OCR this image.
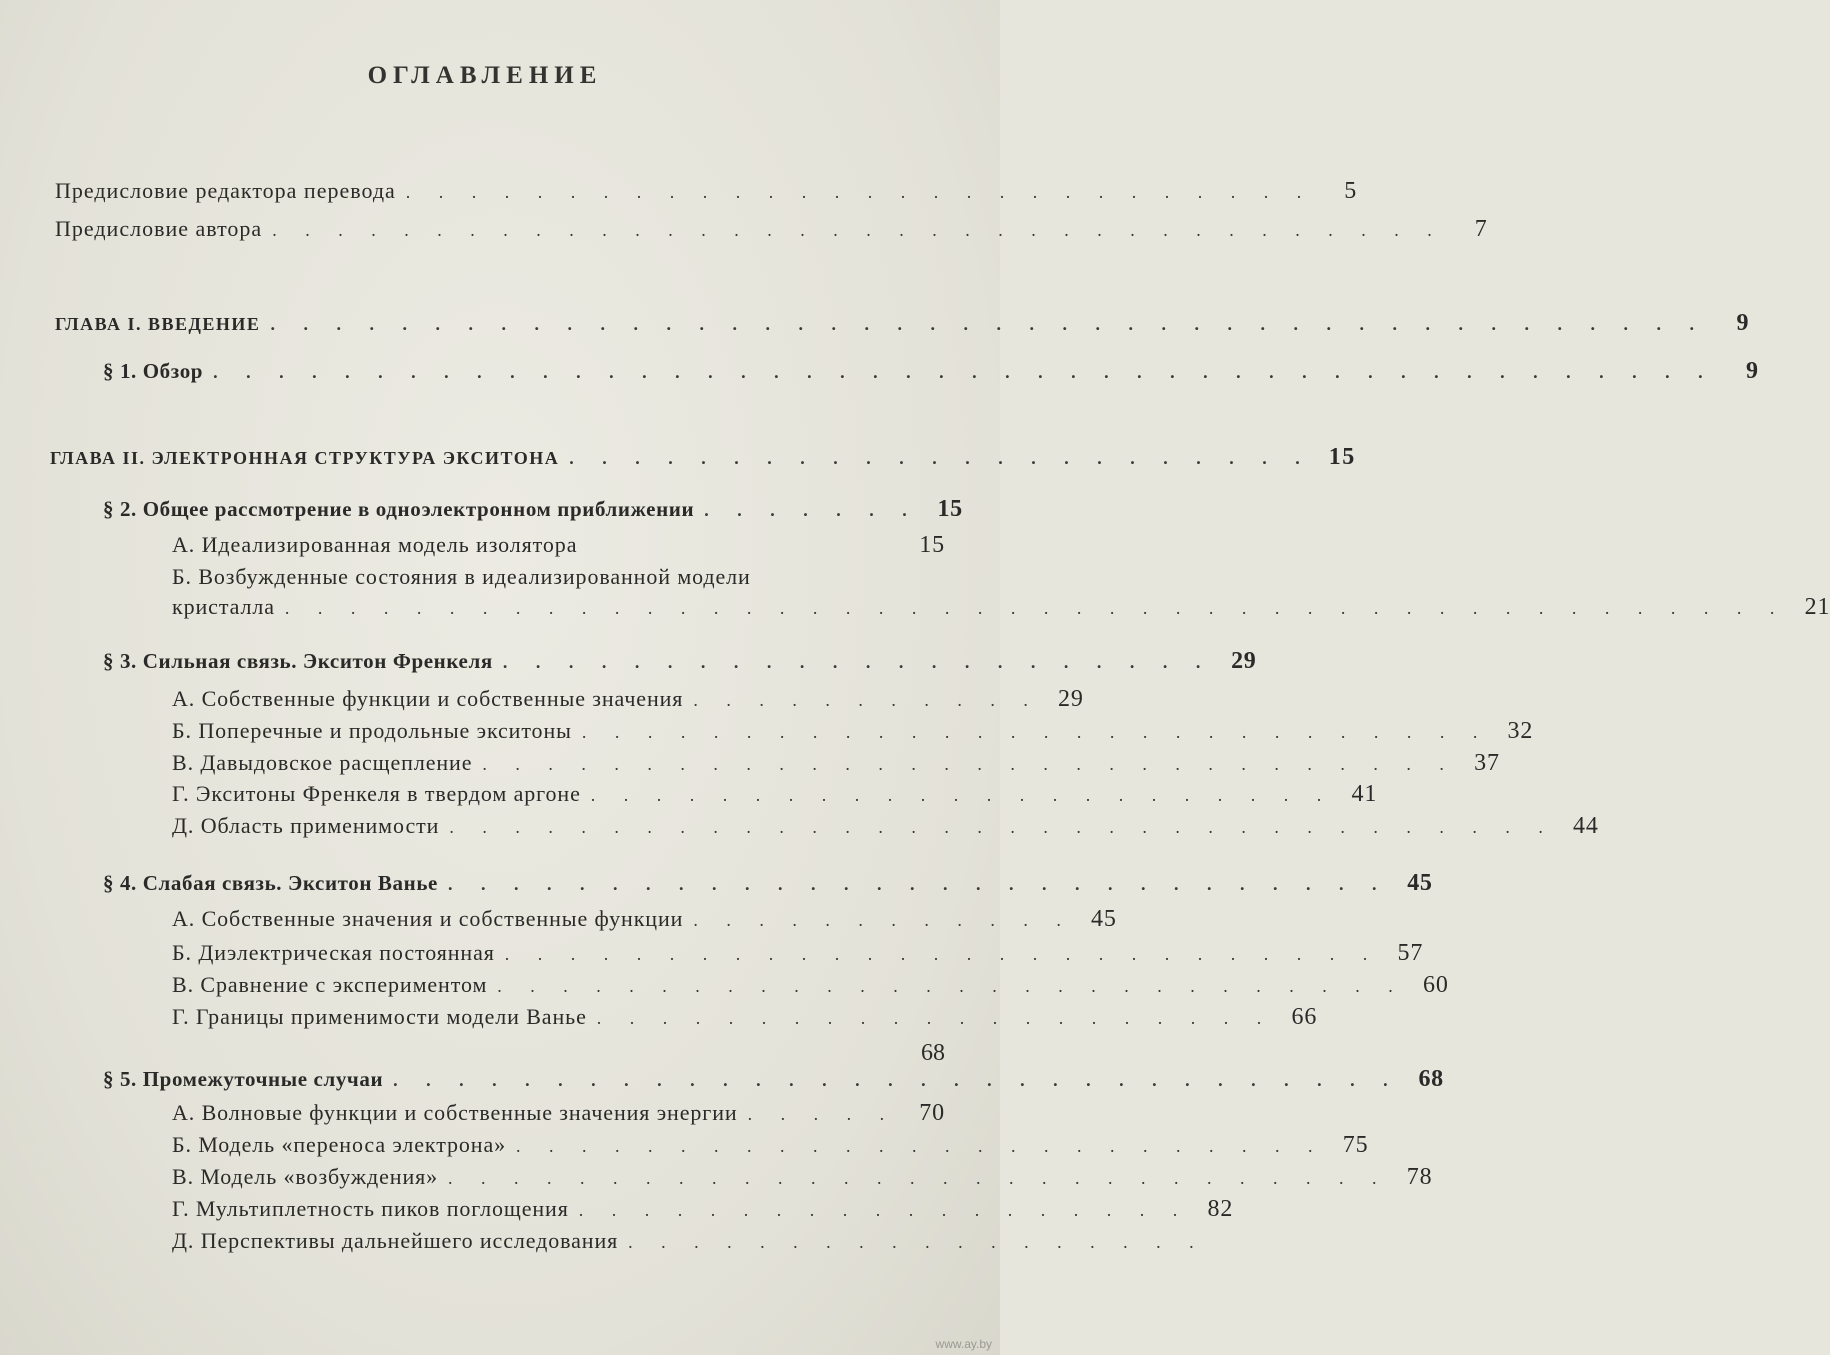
ОГЛАВЛЕНИЕ
Предисловие редактора перевода . . . . . . . . . . . . . . . . . . . . . . . . . . . .	5
Предисловие автора . . . . . . . . . . . . . . . . . . . . . . . . . . . . . . . . . . . .	7
ГЛАВА I. ВВЕДЕНИЕ . . . . . . . . . . . . . . . . . . . . . . . . . . . . . . . . . . . . . . . . . . . .	9
§ 1. Обзор . . . . . . . . . . . . . . . . . . . . . . . . . . . . . . . . . . . . . . . . . . . . . .	9
ГЛАВА II. ЭЛЕКТРОННАЯ СТРУКТУРА ЭКСИТОНА . . . . . . . . . . . . . . . . . . . . . . . 15
§ 2. Общее рассмотрение в одноэлектронном приближении . . . . . . . 15
А. Идеализированная модель изолятора	15
Б. Возбужденные состояния в идеализированной модели
кристалла . . . . . . . . . . . . . . . . . . . . . . . . . . . . . . . . . . . . . . . . . . . . . . 21
§ 3. Сильная связь. Экситон Френкеля . . . . . . . . . . . . . . . . . . . . . . 29
А. Собственные функции и собственные значения . . . . . . . . . . . 29
Б. Поперечные и продольные экситоны . . . . . . . . . . . . . . . . . . . . . . . . . . . . 32
В. Давыдовское расщепление . . . . . . . . . . . . . . . . . . . . . . . . . . . . . . 37
Г. Экситоны Френкеля в твердом аргоне . . . . . . . . . . . . . . . . . . . . . . . 41
Д. Область применимости . . . . . . . . . . . . . . . . . . . . . . . . . . . . . . . . . . 44
§ 4. Слабая связь. Экситон Ванье . . . . . . . . . . . . . . . . . . . . . . . . . . . . . 45
А. Собственные значения и собственные функции . . . . . . . . . . . . 45
Б. Диэлектрическая постоянная . . . . . . . . . . . . . . . . . . . . . . . . . . . 57
В. Сравнение с экспериментом . . . . . . . . . . . . . . . . . . . . . . . . . . . . 60
Г. Границы применимости модели Ванье . . . . . . . . . . . . . . . . . . . . . 66
68
§ 5. Промежуточные случаи . . . . . . . . . . . . . . . . . . . . . . . . . . . . . . . 68
А. Волновые функции и собственные значения энергии . . . . . 70
Б. Модель «переноса электрона» . . . . . . . . . . . . . . . . . . . . . . . . . 75
В. Модель «возбуждения» . . . . . . . . . . . . . . . . . . . . . . . . . . . . . 78
Г. Мультиплетность пиков поглощения . . . . . . . . . . . . . . . . . . . 82
Д. Перспективы дальнейшего исследования . . . . . . . . . . . . . . . . . .
www.ay.by
